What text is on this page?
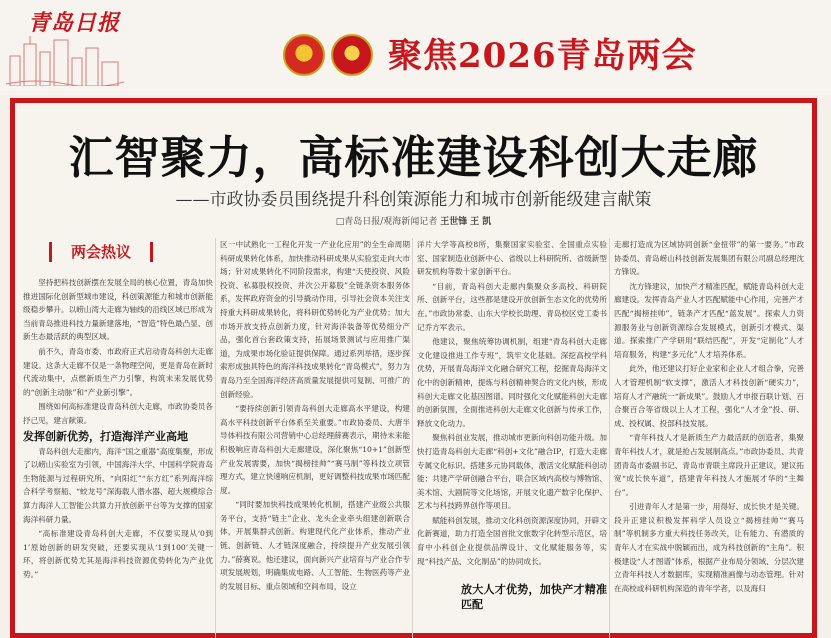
青岛日报
聚焦2026青岛两会
汇智聚力，高标准建设科创大走廊
——市政协委员围绕提升科创策源能力和城市创新能级建言献策
□青岛日报/观海新闻记者 王世锋 王 凯
两会热议

坚持把科技创新摆在发展全局的核心位置，青岛加快推进国际化创新型城市建设，科创策源能力和城市创新能级稳步攀升。以崂山湾大走廊为轴线的沿线区域已形成为当前青岛推进科技力量新建落地，“智造”特色最凸显、创新生态最活跃的典型区域。

前不久，青岛市委、市政府正式启动青岛科创大走廊建设。这条大走廊不仅是一条物理空间，更是青岛在新时代流动集中，点燃新质生产力引擎，构筑未来发展优势的“创新主动脉”和“产业新引擎”。

围绕如何高标准建设青岛科创大走廊，市政协委员各抒己见，建言献策。

发挥创新优势，打造海洋产业高地

青岛科创大走廊内，海洋“国之重器”高度集聚，形成了以崂山实验室为引领，中国海洋大学、中国科学院青岛生物能源与过程研究所、“向阳红”“东方红”系列海洋综合科学考察船、“蛟龙号”深海载人潜水器、超大规模综合算力海洋人工智能公共算力开放创新平台等为支撑的国家海洋科研力量。

“高标准建设青岛科创大走廊，不仅要实现从‘0到1’原始创新的研发突破，还要实现从‘1到100’关键一环，将创新优势尤其是海洋科技资源优势转化为产业优势。”

区一中试熟化一工程化开发一产业化应用”的全生命周期科研成果转化体系，加快推动科研成果从实验室走向大市场；针对成果转化不同阶段需求，构建“天使投资、风险投资、私募股权投资、并次公开募股”全链条资本服务体系，发挥政府资金的引导撬动作用，引导社会资本关注支持重大科研成果转化，将科研优势转化为产业优势；加大市场开放支持点创新力度，针对海洋装备等优势细分产品，强化首台套政策支持，拓展场景测试与应用推广渠道，为成果市场化验证提供保障。通过系列举措，逐步探索形成独具特色的海洋科技成果转化“青岛模式”，努力为青岛乃至全国海洋经济高质量发展提供可复制、可推广的创新经验。

“要持续创新引领青岛科创大走廊高水平建设，构建高水平科技创新平台体系至关重要。”市政协委员、大唐半导体科技有限公司营销中心总经理薛赛表示，期待未来能积极响应青岛科创大走廊建设，深化聚焦“10+1”创新型产业发展需要，加快“揭榜挂帅”“赛马制”等科技立项管理方式，建立快速响应机制，更好调整科技成果市场匹配度。

“同时要加快科技成果转化机制，搭建产业级公共服务平台，支持“链主”企业、龙头企业牵头组建创新联合体，开展集群式创新。构建现代化产业体系，推动产业链、创新链、人才链深度融合，持续提升产业发展引领力。”薛赛说。他还建议，面向新兴产业培育与产业合作专项发展规划，明确集成电路、人工智能、生物医药等产业的发展目标、重点领域和空间布局，设立

洋片大学等高校8所，集聚国家实验室、全国重点实验室、国家制造业创新中心、省级以上科研院所、省级新型研发机构等数十家创新平台。

“目前，青岛科创大走廊内集聚众多高校、科研院所、创新平台，这些都是建设开放创新生态文化的优势所在。”市政协常委、山东大学校长助理、青岛校区党工委书记乔方军表示。

他建议，聚焦统筹协调机制，组建“青岛科创大走廊文化建设推进工作专班”，筑牢文化基础。深挖高校学科优势，开展青岛海洋文化融合研究工程，挖掘青岛海洋文化中的创新精神，提炼与科创精神契合的文化内核，形成科创大走廊文化基因图谱。同时强化文化赋能科创大走廊的创新氛围，全面推进科创大走廊文化创新与传承工作，释放文化动力。

聚焦科创业发展，推动城市更新向科创功能升级。加快打造青岛科创大走廊“科创+文化”融合IP，打造大走廊专属文化标识。搭建多元协同载体，激活文化赋能科创动能；共建产学研创融合平台，联合区域内高校与博物馆、美术馆、大剧院等文化场馆，开展文化遗产数字化保护、艺术与科技跨界创作等项目。

赋能科创发展，推动文化科创资源深度协同，开辟文化新赛道，助力打造全国首批文旅数字化转型示范区，培育中小科创企业提供品牌设计、文化赋能服务等，实现“科技产品、文化制品”的协同成长。

放大人才优势，加快产才精准匹配

走廊打造成为区域协同创新“金扭带”的第一要务。”市政协委员、青岛崂山科技创新发展集团有限公司副总经理沈方锋说。

沈方锋建议，加快产才精准匹配，赋能青岛科创大走廊建设。发挥青岛产业人才匹配赋能中心作用，完善产才匹配“揭榜挂帅”，链条产才匹配“蓝发展”。探索人力资源服务业与创新资源综合发展模式，创新引才模式、渠道。探索推广产学研用“联结匹配”，开发“定制化”人才培育服务，构建“多元化”人才培养体系。

此外，他还建议打好企业家和企业人才组合拳，完善人才管理机制“软支撑”，激活人才科技创新“硬实力”，培育人才产融统一“新成果”。鼓励人才申报百联计划、百合聚百合等省级以上人才工程，强化“人才金”投、研、成、投权属、投部科技发展。

“青年科技人才是新质生产力最活跃的创造者，集聚青年科技人才，就是抢占发展制高点。”市政协委员、共青团青岛市委副书记、青岛市青联主席段升正建议，建议拓宽“成长快车道”，搭建青年科技人才施展才华的“主舞台”。

引进青年人才是第一步，用得好、成长快才是关键。段升正建议积极发挥科学人员设立“揭榜挂帅”“赛马制”等机制多方重大科技任务改关，让有能力、有潜质的青年人才在实战中脱颖而出，成为科技创新的“主角”。积极建设“人才图谱”体系，根据产业布局分领域、分层次建立青年科技人才数据库，实现精准画像与动态管理。针对在高校或科研机构深造的青年学者，以及海归
